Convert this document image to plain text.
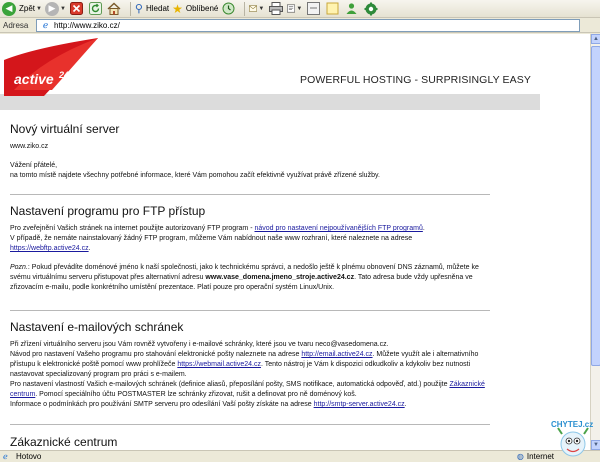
◀ Zpět ▼ ▶ ▼	⚲ Hledat ★ Oblíbené	▼	▼
Adresa	ℯ http://www.ziko.cz/
active 24	POWERFUL HOSTING - SURPRISINGLY EASY
Nový virtuální server

www.ziko.cz

Vážení přátelé,

na tomto místě najdete všechny potřebné informace, které Vám pomohou začít efektivně využívat právě zřízené služby.

Nastavení programu pro FTP přístup

Pro zveřejnění Vašich stránek na internet použijte autorizovaný FTP program - návod pro nastavení nejpoužívanějších FTP programů.
V případě, že nemáte nainstalovaný žádný FTP program, můžeme Vám nabídnout naše www rozhraní, které naleznete na adrese
https://webftp.active24.cz.

Pozn.: Pokud převádíte doménové jméno k naší společnosti, jako k technickému správci, a nedošlo ještě k plnému obnovení DNS záznamů, můžete ke svému virtuálnímu serveru přistupovat přes alternativní adresu www.vase_domena.jmeno_stroje.active24.cz. Tato adresa bude vždy upřesněna ve zřizovacím e-mailu, podle konkrétního umístění prezentace. Platí pouze pro operační systém Linux/Unix.

Nastavení e-mailových schránek

Při zřízení virtuálního serveru jsou Vám rovněž vytvořeny i e-mailové schránky, které jsou ve tvaru neco@vasedomena.cz.
Návod pro nastavení Vašeho programu pro stahování elektronické pošty naleznete na adrese http://email.active24.cz. Můžete využít ale i alternativního přístupu k elektronické poště pomocí www prohlížeče https://webmail.active24.cz. Tento nástroj je Vám k dispozici odkudkoliv a kdykoliv bez nutnosti nastavovat specializovaný program pro práci s e-mailem.
Pro nastavení vlastností Vašich e-mailových schránek (definice aliasů, přeposílání pošty, SMS notifikace, automatická odpověď, atd.) použijte Zákaznické centrum. Pomocí speciálního účtu POSTMASTER lze schránky zřizovat, rušit a definovat pro ně doménový koš.
Informace o podmínkách pro používání SMTP serveru pro odesílání Vaší pošty získáte na adrese http://smtp-server.active24.cz.

Zákaznické centrum
▲
▼
ℯ	Hotovo	◍ Internet
CHYTEJ.cz
